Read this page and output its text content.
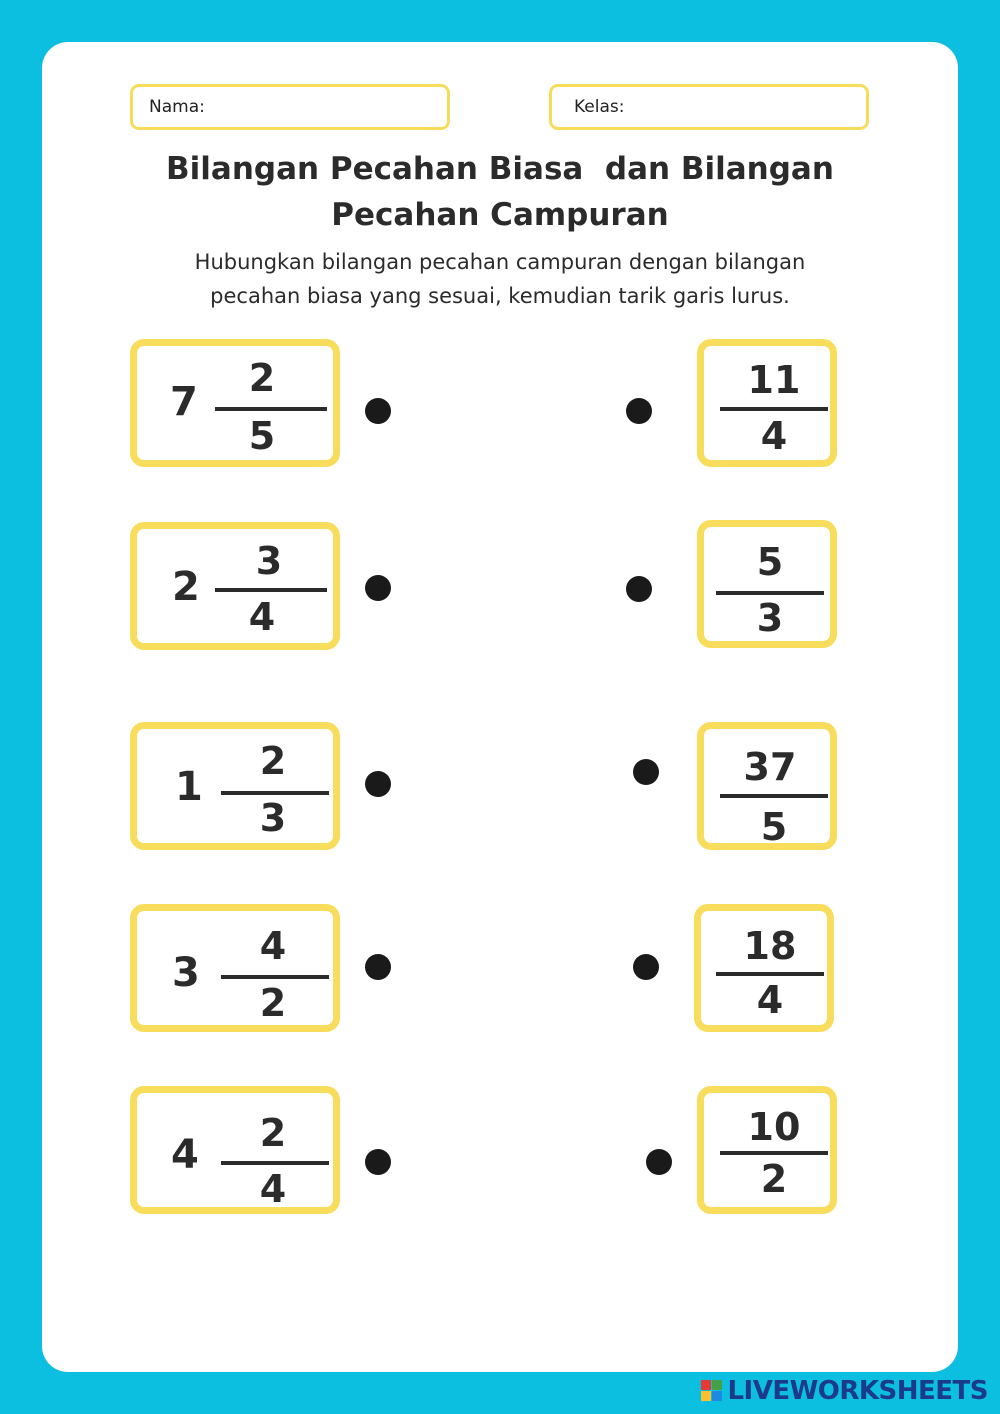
Nama:	Kelas:
Bilangan Pecahan Biasa  dan Bilangan
Pecahan Campuran
Hubungkan bilangan pecahan campuran dengan bilangan
pecahan biasa yang sesuai, kemudian tarik garis lurus.
7
2
5
2
3
4
1
2
3
3
4
2
4	2
4
11
4
5
3
37
5
18
4
10
2
LIVEWORKSHEETS
